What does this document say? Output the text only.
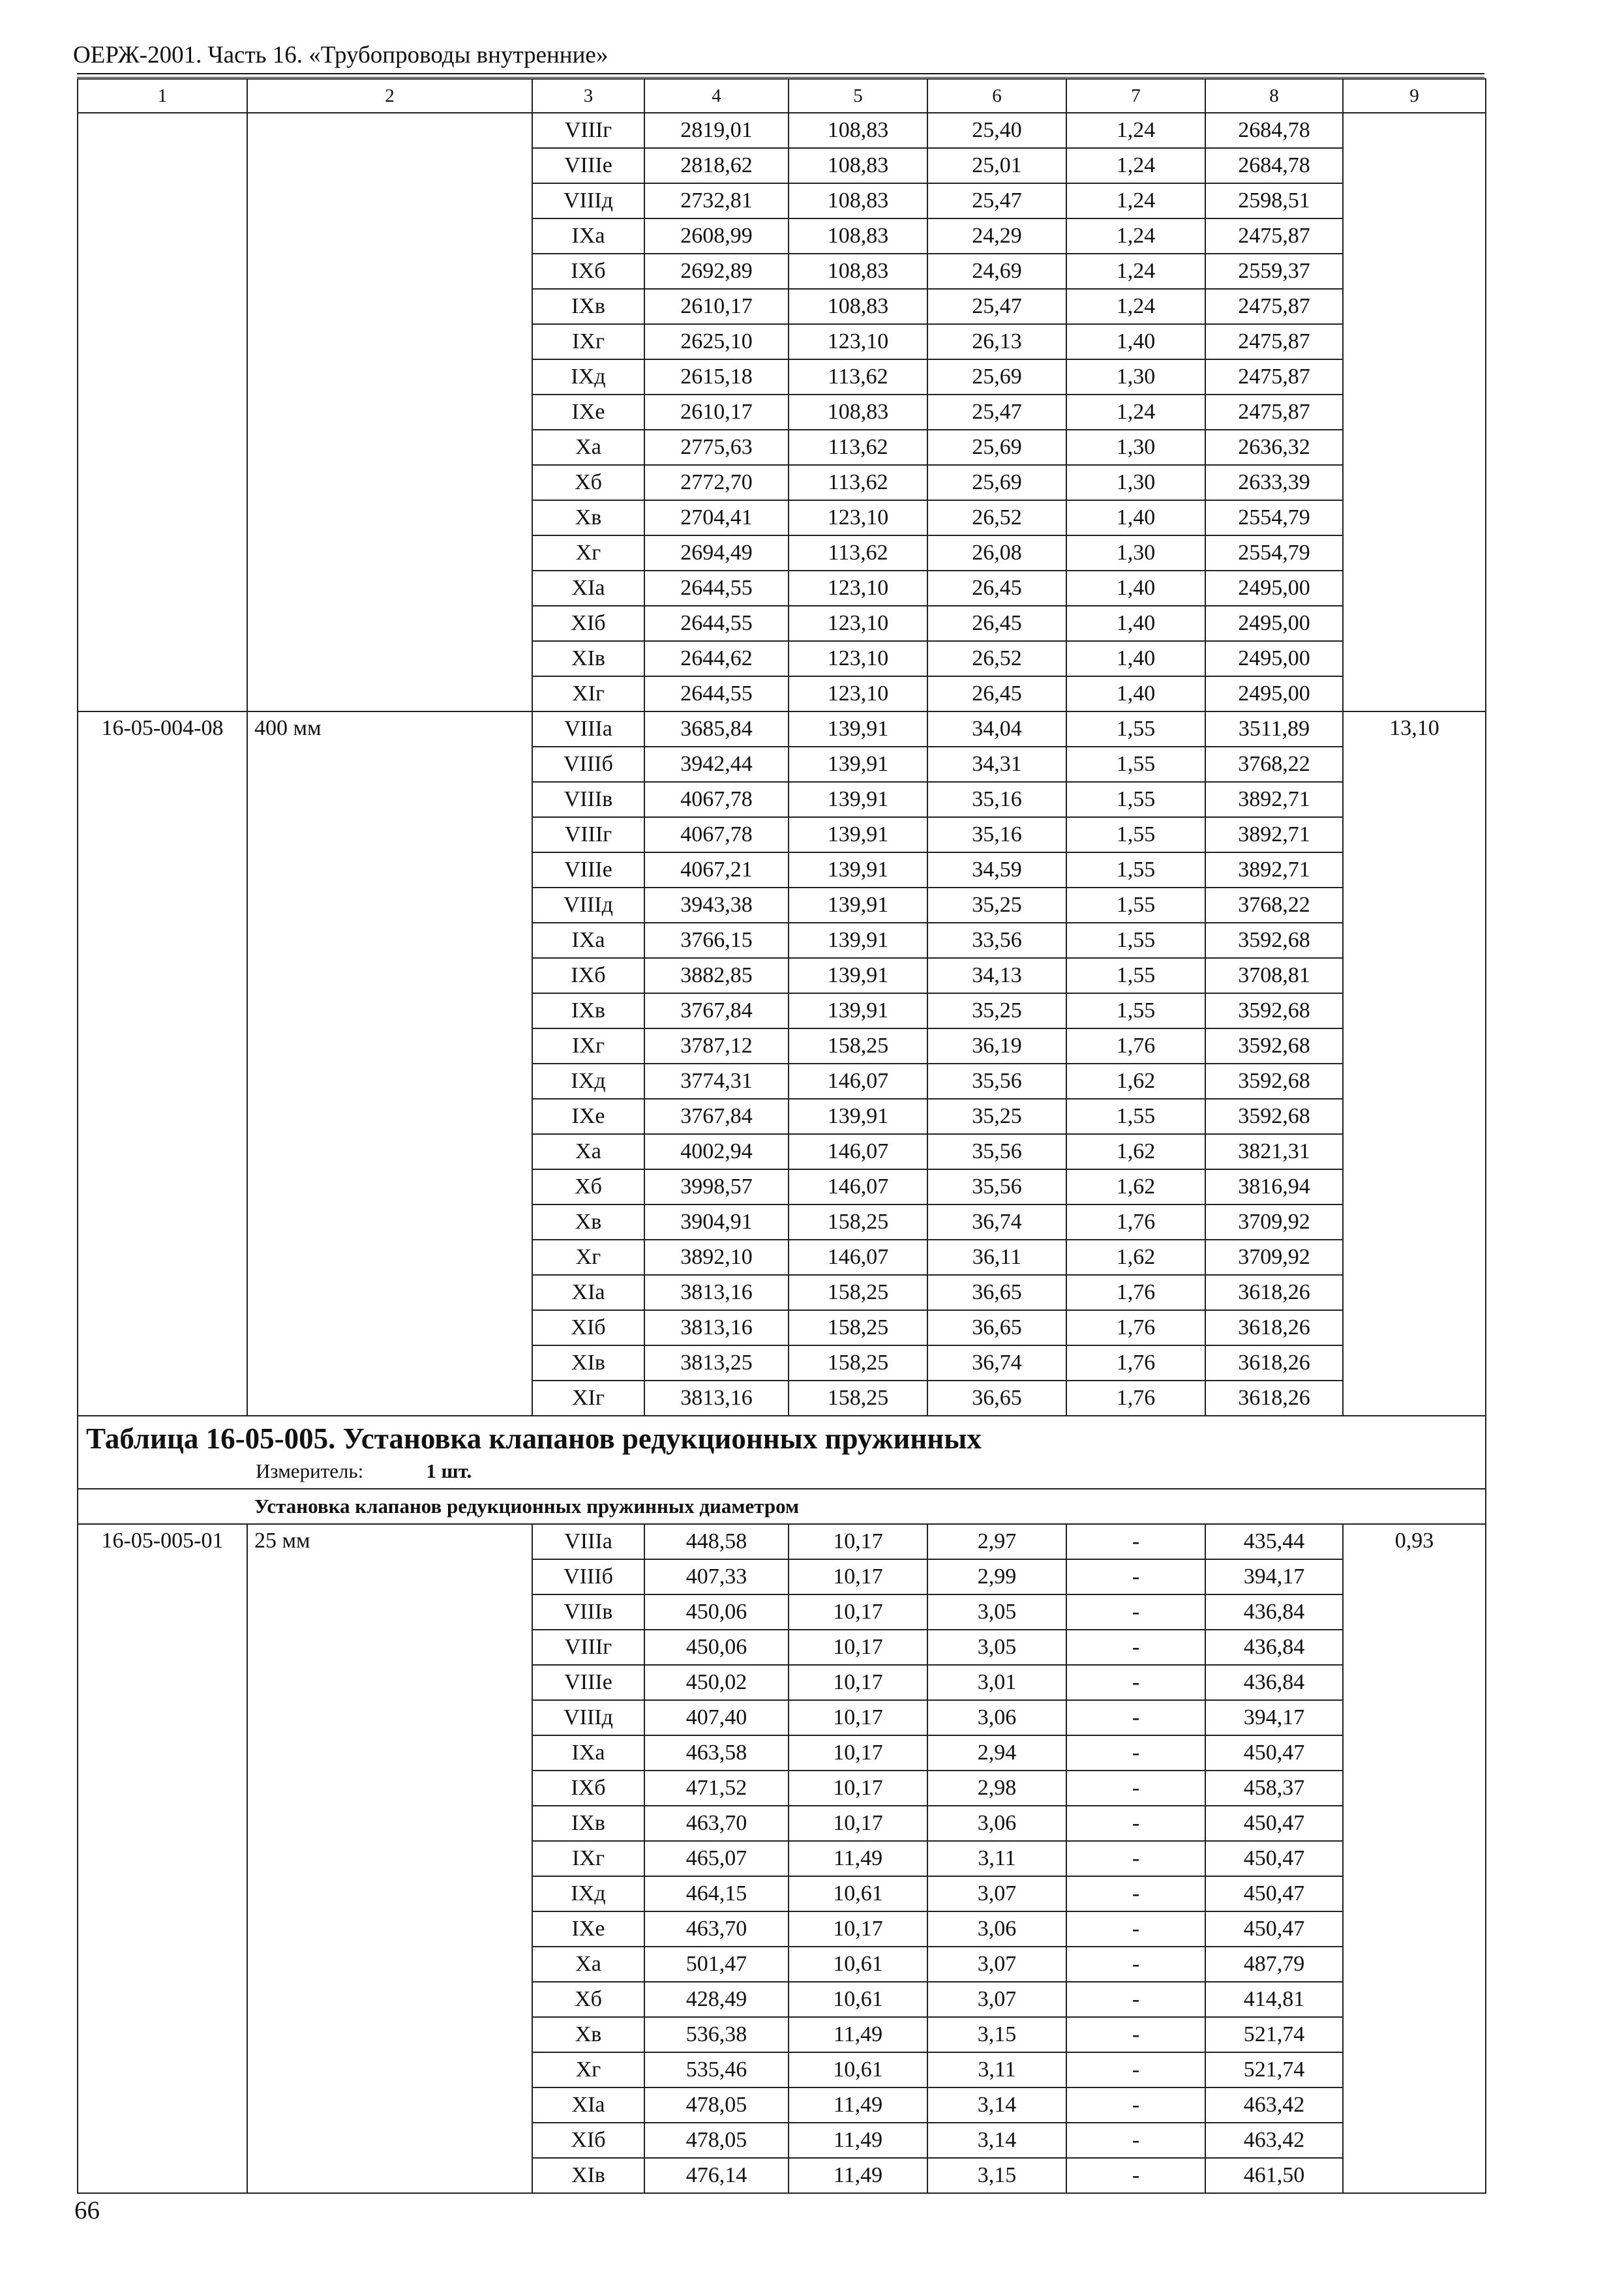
ОЕРЖ-2001. Часть 16. «Трубопроводы внутренние»
1	2	3	4	5	6	7	8	9
		VIIIг	2819,01	108,83	25,40	1,24	2684,78	
		VIIIе	2818,62	108,83	25,01	1,24	2684,78	
		VIIIд	2732,81	108,83	25,47	1,24	2598,51	
		IXа	2608,99	108,83	24,29	1,24	2475,87	
		IXб	2692,89	108,83	24,69	1,24	2559,37	
		IXв	2610,17	108,83	25,47	1,24	2475,87	
		IXг	2625,10	123,10	26,13	1,40	2475,87	
		IXд	2615,18	113,62	25,69	1,30	2475,87	
		IXе	2610,17	108,83	25,47	1,24	2475,87	
		Xа	2775,63	113,62	25,69	1,30	2636,32	
		Xб	2772,70	113,62	25,69	1,30	2633,39	
		Xв	2704,41	123,10	26,52	1,40	2554,79	
		Xг	2694,49	113,62	26,08	1,30	2554,79	
		XIа	2644,55	123,10	26,45	1,40	2495,00	
		XIб	2644,55	123,10	26,45	1,40	2495,00	
		XIв	2644,62	123,10	26,52	1,40	2495,00	
		XIг	2644,55	123,10	26,45	1,40	2495,00	
16-05-004-08	400 мм	VIIIа	3685,84	139,91	34,04	1,55	3511,89	13,10
		VIIIб	3942,44	139,91	34,31	1,55	3768,22	
		VIIIв	4067,78	139,91	35,16	1,55	3892,71	
		VIIIг	4067,78	139,91	35,16	1,55	3892,71	
		VIIIе	4067,21	139,91	34,59	1,55	3892,71	
		VIIIд	3943,38	139,91	35,25	1,55	3768,22	
		IXа	3766,15	139,91	33,56	1,55	3592,68	
		IXб	3882,85	139,91	34,13	1,55	3708,81	
		IXв	3767,84	139,91	35,25	1,55	3592,68	
		IXг	3787,12	158,25	36,19	1,76	3592,68	
		IXд	3774,31	146,07	35,56	1,62	3592,68	
		IXе	3767,84	139,91	35,25	1,55	3592,68	
		Xа	4002,94	146,07	35,56	1,62	3821,31	
		Xб	3998,57	146,07	35,56	1,62	3816,94	
		Xв	3904,91	158,25	36,74	1,76	3709,92	
		Xг	3892,10	146,07	36,11	1,62	3709,92	
		XIа	3813,16	158,25	36,65	1,76	3618,26	
		XIб	3813,16	158,25	36,65	1,76	3618,26	
		XIв	3813,25	158,25	36,74	1,76	3618,26	
		XIг	3813,16	158,25	36,65	1,76	3618,26	

Таблица 16-05-005. Установка клапанов редукционных пружинных
Измеритель: 1 шт.								

Установка клапанов редукционных пружинных диаметром								
16-05-005-01	25 мм	VIIIа	448,58	10,17	2,97	-	435,44	0,93
		VIIIб	407,33	10,17	2,99	-	394,17	
		VIIIв	450,06	10,17	3,05	-	436,84	
		VIIIг	450,06	10,17	3,05	-	436,84	
		VIIIе	450,02	10,17	3,01	-	436,84	
		VIIIд	407,40	10,17	3,06	-	394,17	
		IXа	463,58	10,17	2,94	-	450,47	
		IXб	471,52	10,17	2,98	-	458,37	
		IXв	463,70	10,17	3,06	-	450,47	
		IXг	465,07	11,49	3,11	-	450,47	
		IXд	464,15	10,61	3,07	-	450,47	
		IXе	463,70	10,17	3,06	-	450,47	
		Xа	501,47	10,61	3,07	-	487,79	
		Xб	428,49	10,61	3,07	-	414,81	
		Xв	536,38	11,49	3,15	-	521,74	
		Xг	535,46	10,61	3,11	-	521,74	
		XIа	478,05	11,49	3,14	-	463,42	
		XIб	478,05	11,49	3,14	-	463,42	
		XIв	476,14	11,49	3,15	-	461,50	
66
